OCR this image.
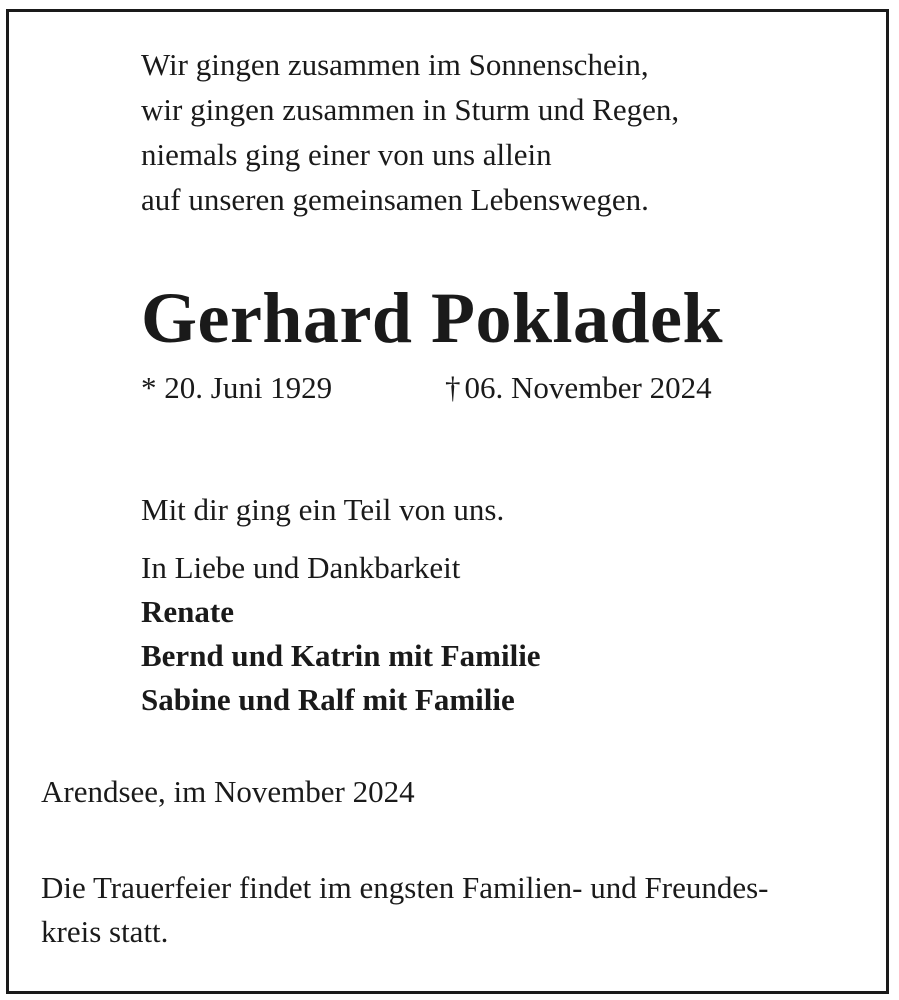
Wir gingen zusammen im Sonnenschein,
wir gingen zusammen in Sturm und Regen,
niemals ging einer von uns allein
auf unseren gemeinsamen Lebenswegen.
Gerhard Pokladek
* 20. Juni 1929	† 06. November 2024
Mit dir ging ein Teil von uns.
In Liebe und Dankbarkeit
Renate
Bernd und Katrin mit Familie
Sabine und Ralf mit Familie
Arendsee, im November 2024
Die Trauerfeier findet im engsten Familien- und Freundes-
kreis statt.
